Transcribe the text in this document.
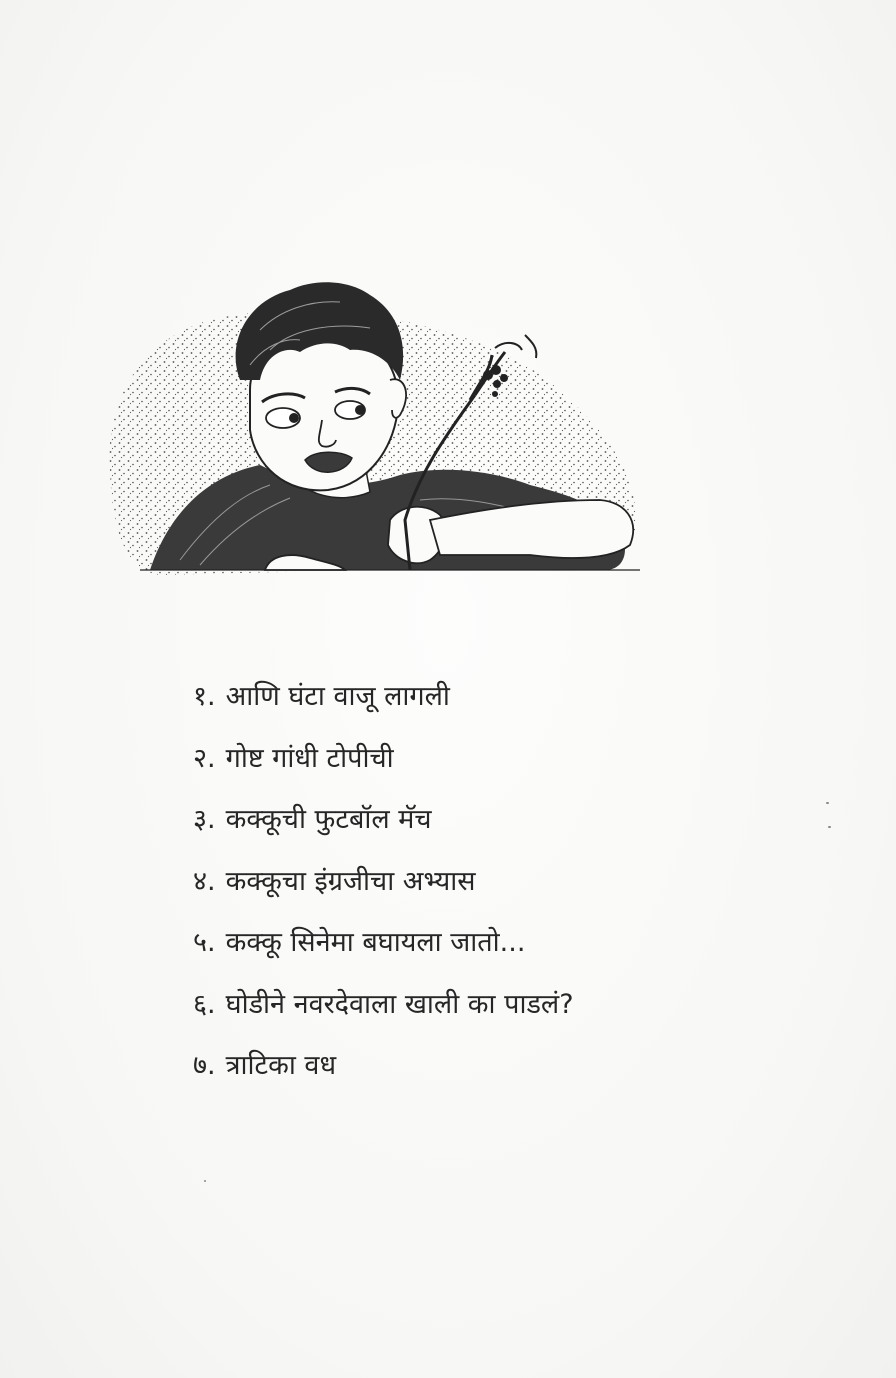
१. आणि घंटा वाजू लागली
२. गोष्ट गांधी टोपीची
३. कक्कूची फुटबॉल मॅच
४. कक्कूचा इंग्रजीचा अभ्यास
५. कक्कू सिनेमा बघायला जातो...
६. घोडीने नवरदेवाला खाली का पाडलं?
७. त्राटिका वध
